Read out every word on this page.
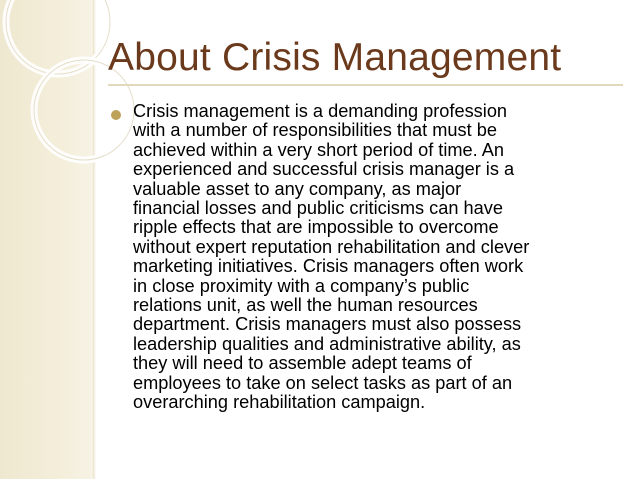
About Crisis Management

Crisis management is a demanding profession
with a number of responsibilities that must be
achieved within a very short period of time. An
experienced and successful crisis manager is a
valuable asset to any company, as major
financial losses and public criticisms can have
ripple effects that are impossible to overcome
without expert reputation rehabilitation and clever
marketing initiatives. Crisis managers often work
in close proximity with a company’s public
relations unit, as well the human resources
department. Crisis managers must also possess
leadership qualities and administrative ability, as
they will need to assemble adept teams of
employees to take on select tasks as part of an
overarching rehabilitation campaign.
